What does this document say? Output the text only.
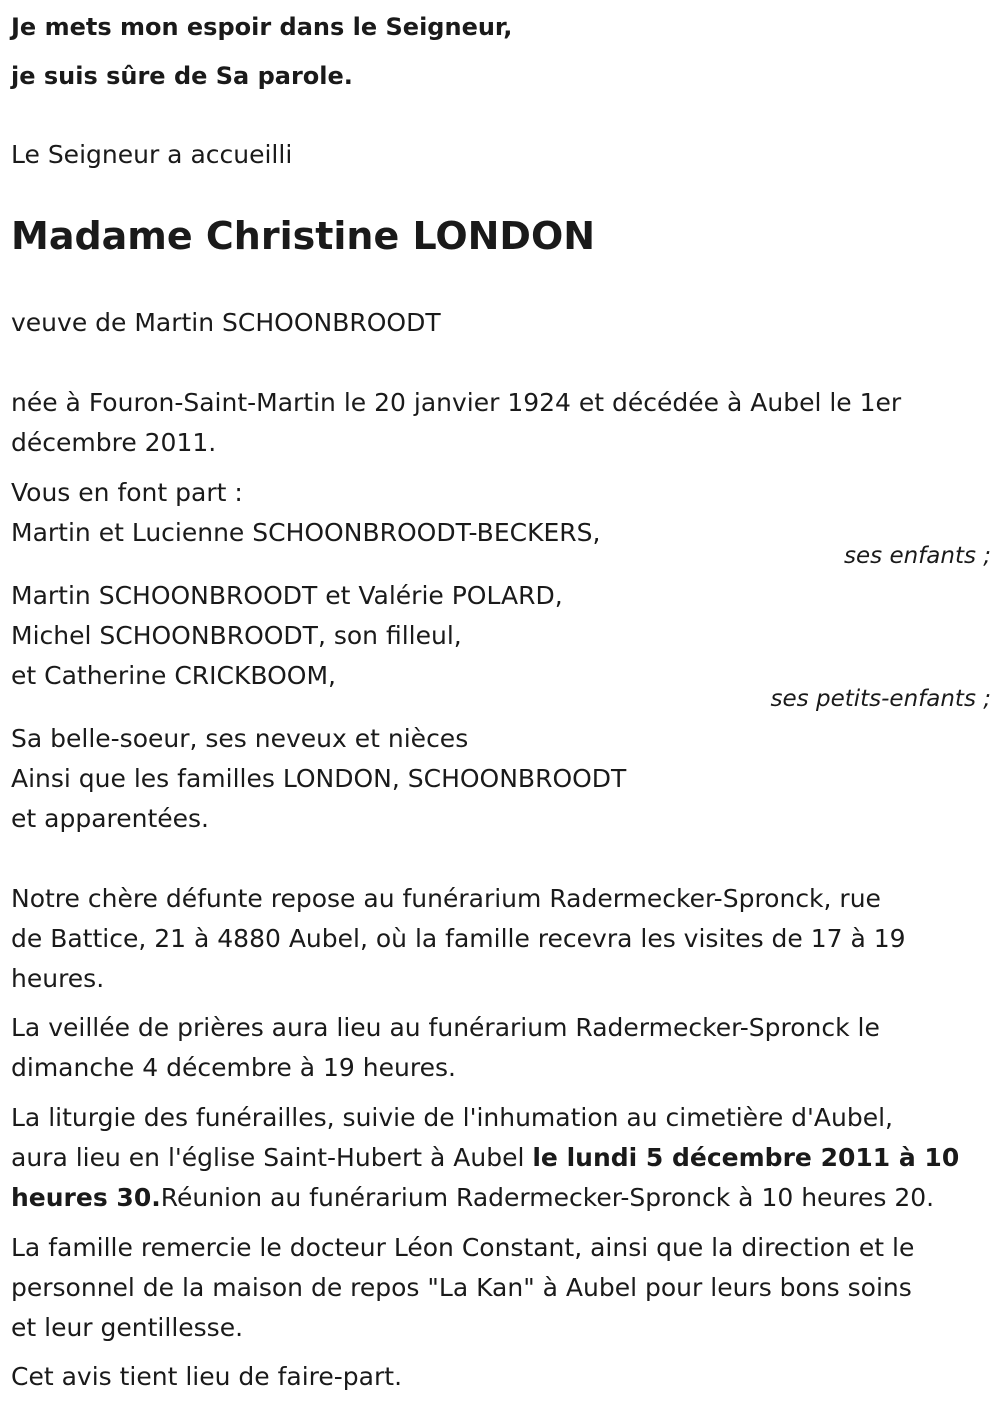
Je mets mon espoir dans le Seigneur,
je suis sûre de Sa parole.
Le Seigneur a accueilli
Madame Christine LONDON
veuve de Martin SCHOONBROODT
née à Fouron-Saint-Martin le 20 janvier 1924 et décédée à Aubel le 1er
décembre 2011.
Vous en font part :
Martin et Lucienne SCHOONBROODT-BECKERS,
ses enfants ;
Martin SCHOONBROODT et Valérie POLARD,
Michel SCHOONBROODT, son filleul,
et Catherine CRICKBOOM,
ses petits-enfants ;
Sa belle-soeur, ses neveux et nièces
Ainsi que les familles LONDON, SCHOONBROODT
et apparentées.
Notre chère défunte repose au funérarium Radermecker-Spronck, rue
de Battice, 21 à 4880 Aubel, où la famille recevra les visites de 17 à 19
heures.
La veillée de prières aura lieu au funérarium Radermecker-Spronck le
dimanche 4 décembre à 19 heures.
La liturgie des funérailles, suivie de l'inhumation au cimetière d'Aubel,
aura lieu en l'église Saint-Hubert à Aubel le lundi 5 décembre 2011 à 10
heures 30.Réunion au funérarium Radermecker-Spronck à 10 heures 20.
La famille remercie le docteur Léon Constant, ainsi que la direction et le
personnel de la maison de repos "La Kan" à Aubel pour leurs bons soins
et leur gentillesse.
Cet avis tient lieu de faire-part.
